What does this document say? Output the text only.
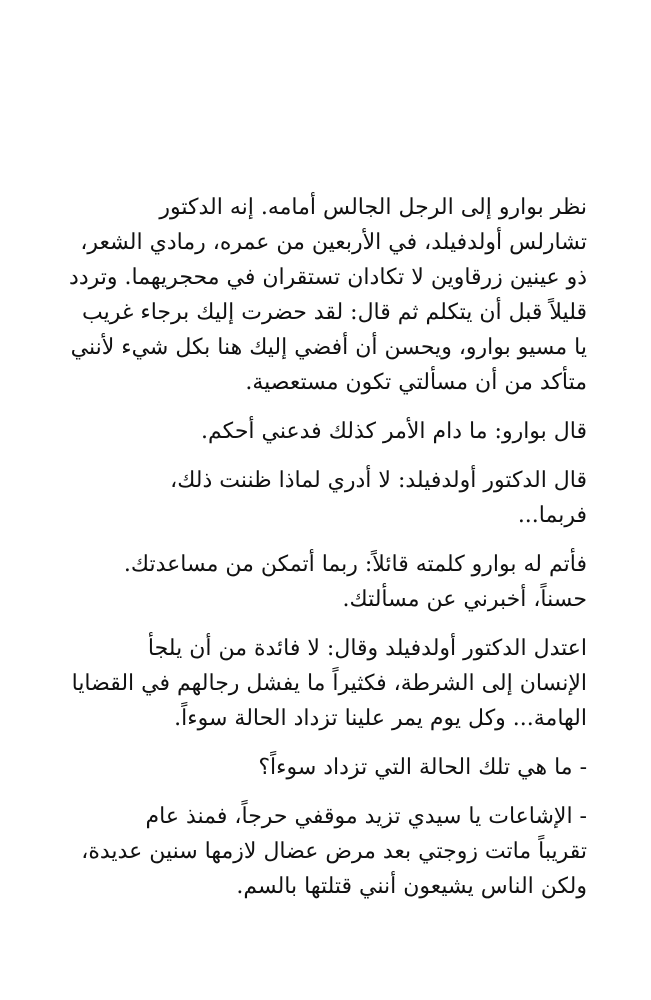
نظر بوارو إلى الرجل الجالس أمامه. إنه الدكتور
تشارلس أولدفيلد، في الأربعين من عمره، رمادي الشعر،
ذو عينين زرقاوين لا تكادان تستقران في محجريهما. وتردد
قليلاً قبل أن يتكلم ثم قال: لقد حضرت إليك برجاء غريب
يا مسيو بوارو، ويحسن أن أفضي إليك هنا بكل شيء لأنني
متأكد من أن مسألتي تكون مستعصية.

قال بوارو: ما دام الأمر كذلك فدعني أحكم.

قال الدكتور أولدفيلد: لا أدري لماذا ظننت ذلك،
فربما...

فأتم له بوارو كلمته قائلاً: ربما أتمكن من مساعدتك.
حسناً، أخبرني عن مسألتك.

اعتدل الدكتور أولدفيلد وقال: لا فائدة من أن يلجأ
الإنسان إلى الشرطة، فكثيراً ما يفشل رجالهم في القضايا
الهامة... وكل يوم يمر علينا تزداد الحالة سوءاً.

- ما هي تلك الحالة التي تزداد سوءاً؟

- الإشاعات يا سيدي تزيد موقفي حرجاً، فمنذ عام
تقريباً ماتت زوجتي بعد مرض عضال لازمها سنين عديدة،
ولكن الناس يشيعون أنني قتلتها بالسم.
